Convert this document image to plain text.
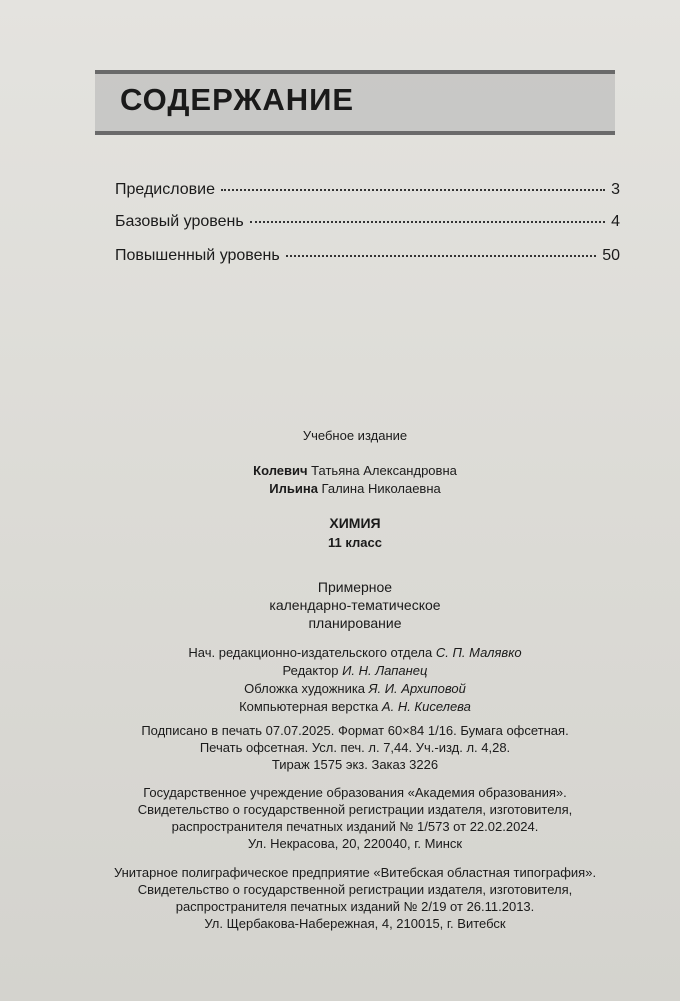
СОДЕРЖАНИЕ
Предисловие	3
Базовый уровень	4
Повышенный уровень	50
Учебное издание
Колевич Татьяна Александровна
Ильина Галина Николаевна
ХИМИЯ
11 класс
Примерное
календарно-тематическое
планирование
Нач. редакционно-издательского отдела С. П. Малявко
Редактор И. Н. Лапанец
Обложка художника Я. И. Архиповой
Компьютерная верстка А. Н. Киселева
Подписано в печать 07.07.2025. Формат 60×84 1/16. Бумага офсетная.
Печать офсетная. Усл. печ. л. 7,44. Уч.-изд. л. 4,28.
Тираж 1575 экз. Заказ 3226
Государственное учреждение образования «Академия образования».
Свидетельство о государственной регистрации издателя, изготовителя,
распространителя печатных изданий № 1/573 от 22.02.2024.
Ул. Некрасова, 20, 220040, г. Минск
Унитарное полиграфическое предприятие «Витебская областная типография».
Свидетельство о государственной регистрации издателя, изготовителя,
распространителя печатных изданий № 2/19 от 26.11.2013.
Ул. Щербакова-Набережная, 4, 210015, г. Витебск
